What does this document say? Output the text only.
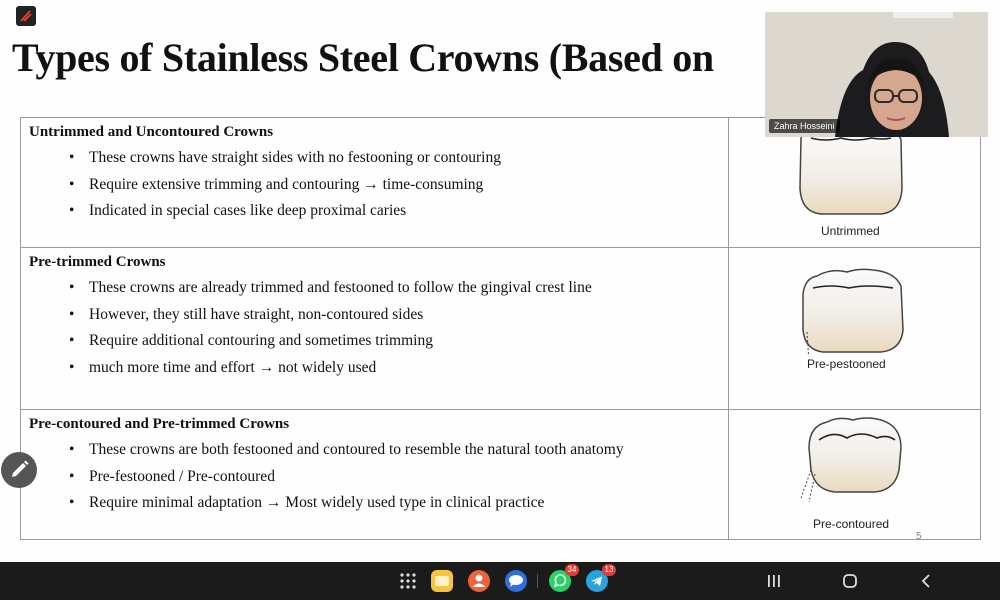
Types of Stainless Steel Crowns (Based on
Untrimmed and Uncontoured Crowns
• These crowns have straight sides with no festooning or contouring
• Require extensive trimming and contouring → time-consuming
• Indicated in special cases like deep proximal caries
Untrimmed
Pre-trimmed Crowns
• These crowns are already trimmed and festooned to follow the gingival crest line
• However, they still have straight, non-contoured sides
• Require additional contouring and sometimes trimming
• much more time and effort → not widely used	Pre-pestooned
Pre-contoured and Pre-trimmed Crowns
• These crowns are both festooned and contoured to resemble the natural tooth anatomy
• Pre-festooned / Pre-contoured
• Require minimal adaptation → Most widely used type in clinical practice
Pre-contoured
5
Zahra Hosseini
34	13
